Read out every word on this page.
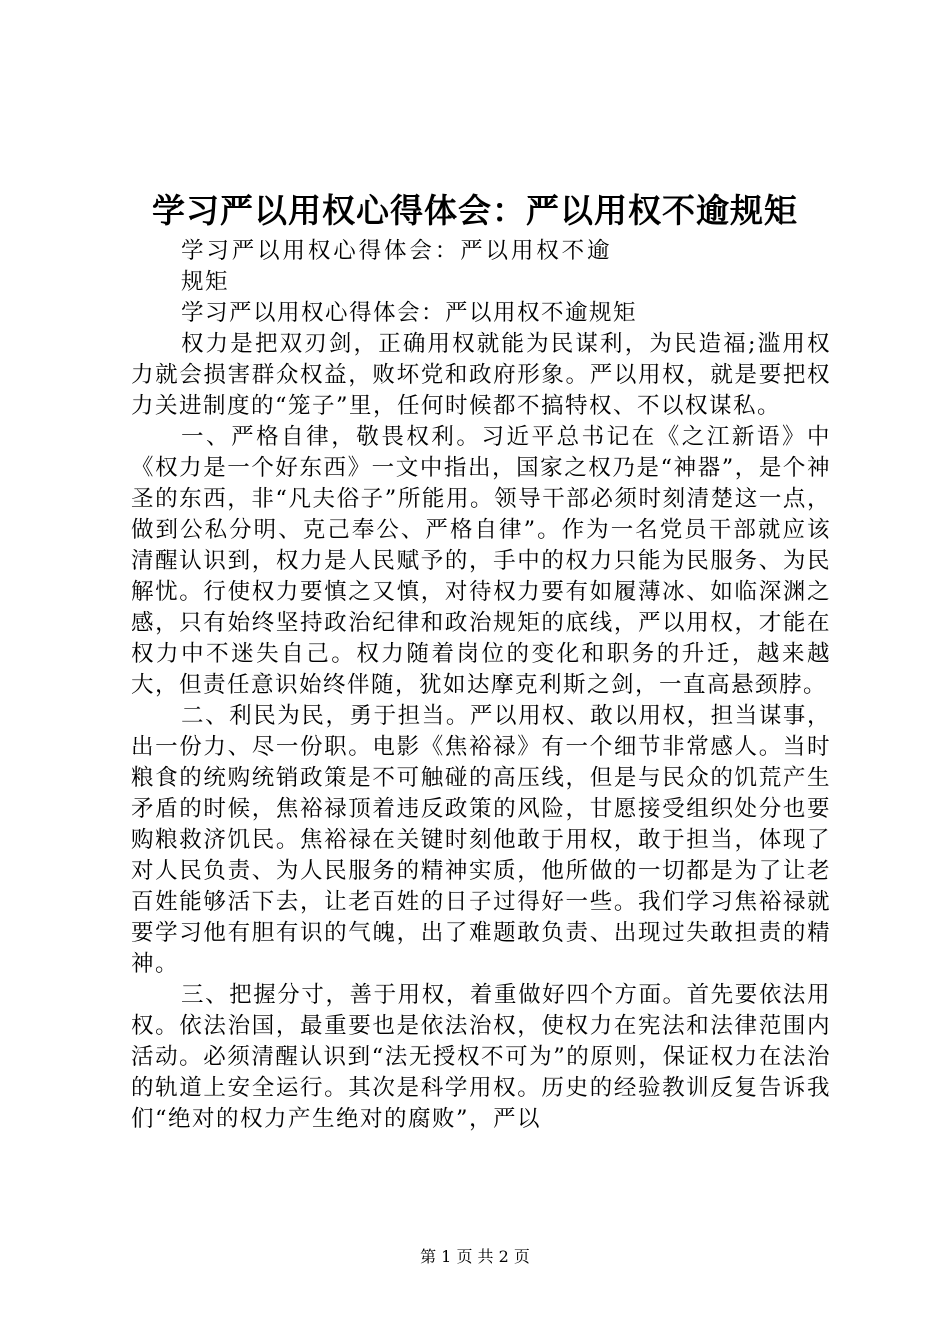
学习严以用权心得体会：严以用权不逾规矩

学习严以用权心得体会：严以用权不逾规矩

学习严以用权心得体会：严以用权不逾规矩

权力是把双刃剑，正确用权就能为民谋利，为民造福;滥用权力就会损害群众权益，败坏党和政府形象。严以用权，就是要把权力关进制度的“笼子”里，任何时候都不搞特权、不以权谋私。

一、严格自律，敬畏权利。习近平总书记在《之江新语》中《权力是一个好东西》一文中指出，国家之权乃是“神器”，是个神圣的东西，非“凡夫俗子”所能用。领导干部必须时刻清楚这一点，做到公私分明、克己奉公、严格自律”。作为一名党员干部就应该清醒认识到，权力是人民赋予的，手中的权力只能为民服务、为民解忧。行使权力要慎之又慎，对待权力要有如履薄冰、如临深渊之感，只有始终坚持政治纪律和政治规矩的底线，严以用权，才能在权力中不迷失自己。权力随着岗位的变化和职务的升迁，越来越大，但责任意识始终伴随，犹如达摩克利斯之剑，一直高悬颈脖。

二、利民为民，勇于担当。严以用权、敢以用权，担当谋事，出一份力、尽一份职。电影《焦裕禄》有一个细节非常感人。当时粮食的统购统销政策是不可触碰的高压线，但是与民众的饥荒产生矛盾的时候，焦裕禄顶着违反政策的风险，甘愿接受组织处分也要购粮救济饥民。焦裕禄在关键时刻他敢于用权，敢于担当，体现了对人民负责、为人民服务的精神实质，他所做的一切都是为了让老百姓能够活下去，让老百姓的日子过得好一些。我们学习焦裕禄就要学习他有胆有识的气魄，出了难题敢负责、出现过失敢担责的精神。

三、把握分寸，善于用权，着重做好四个方面。首先要依法用权。依法治国，最重要也是依法治权，使权力在宪法和法律范围内活动。必须清醒认识到“法无授权不可为”的原则，保证权力在法治的轨道上安全运行。其次是科学用权。历史的经验教训反复告诉我们“绝对的权力产生绝对的腐败”，严以

第 1 页 共 2 页
